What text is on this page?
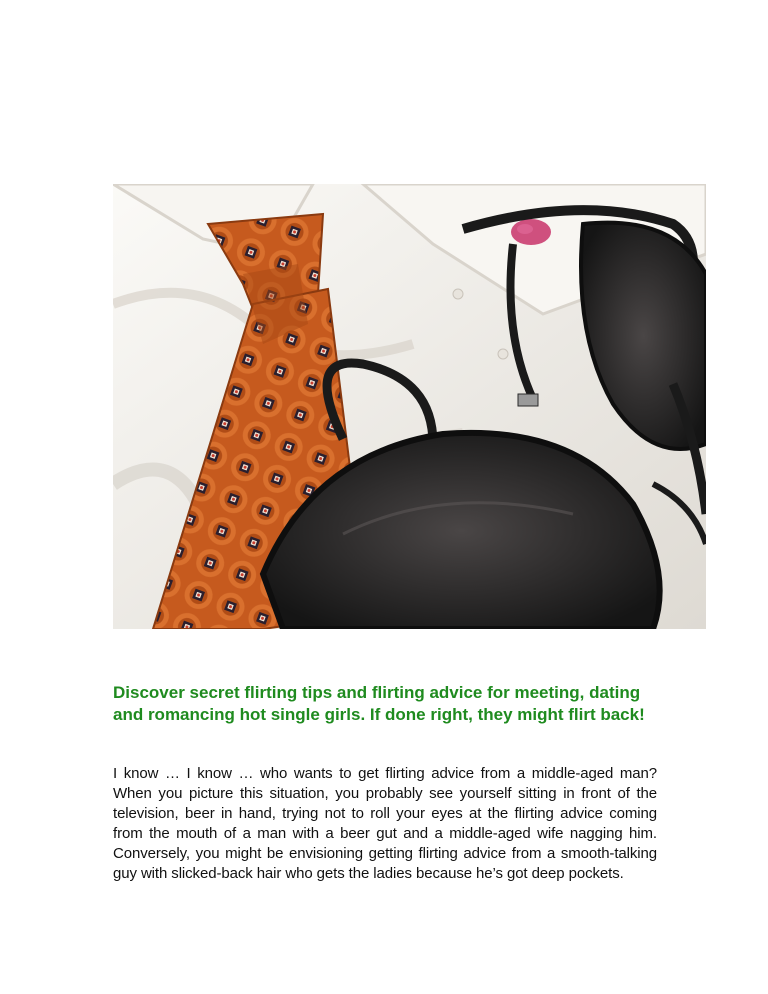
Discover secret flirting tips and flirting advice for meeting, dating and romancing hot single girls. If done right, they might flirt back!

I know … I know … who wants to get flirting advice from a middle-aged man? When you picture this situation, you probably see yourself sitting in front of the television, beer in hand, trying not to roll your eyes at the flirting advice coming from the mouth of a man with a beer gut and a middle-aged wife nagging him. Conversely, you might be envisioning getting flirting advice from a smooth-talking guy with slicked-back hair who gets the ladies because he’s got deep pockets.
